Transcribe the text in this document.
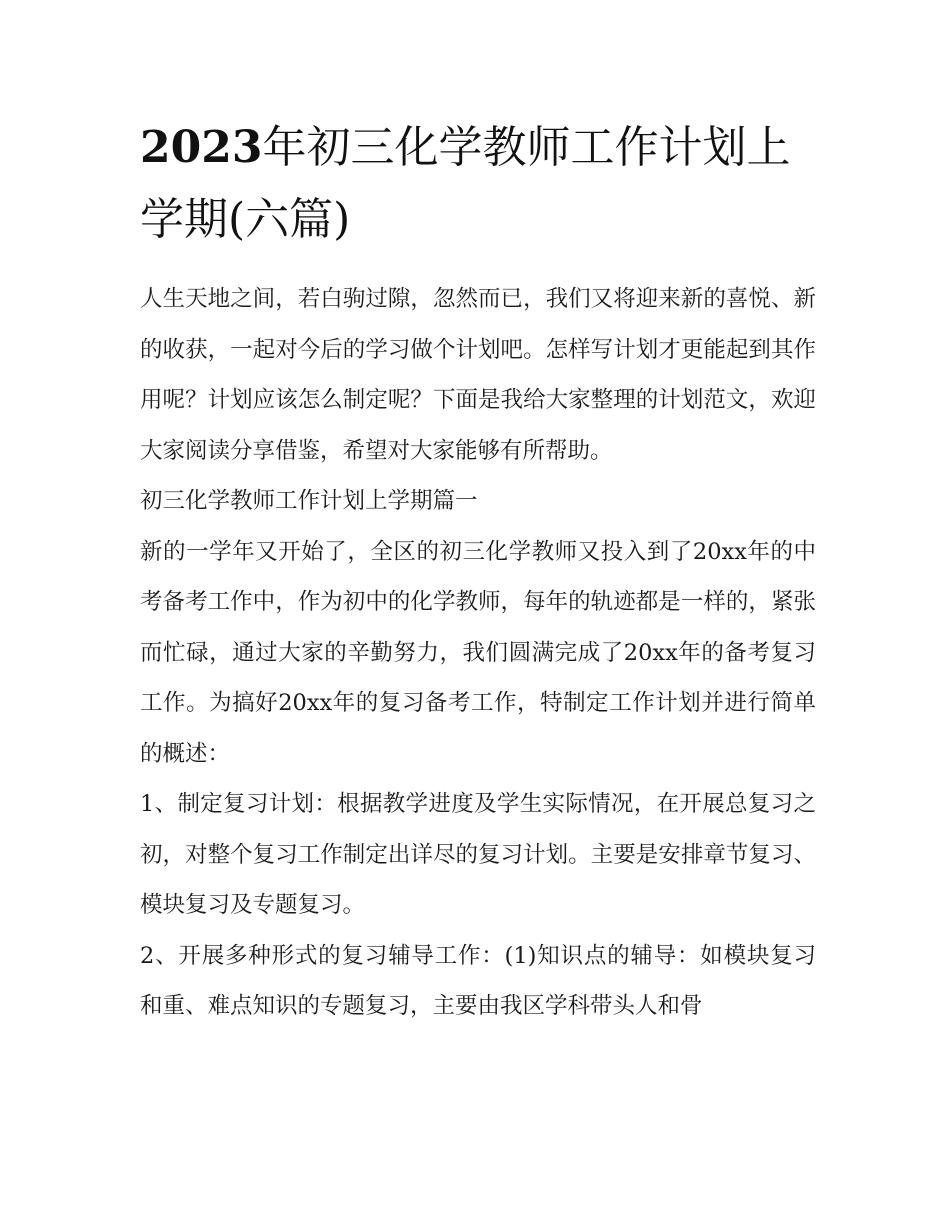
2023年初三化学教师工作计划上学期(六篇)

人生天地之间，若白驹过隙，忽然而已，我们又将迎来新的喜悦、新的收获，一起对今后的学习做个计划吧。怎样写计划才更能起到其作用呢？计划应该怎么制定呢？下面是我给大家整理的计划范文，欢迎大家阅读分享借鉴，希望对大家能够有所帮助。

初三化学教师工作计划上学期篇一

新的一学年又开始了，全区的初三化学教师又投入到了20xx年的中考备考工作中，作为初中的化学教师，每年的轨迹都是一样的，紧张而忙碌，通过大家的辛勤努力，我们圆满完成了20xx年的备考复习工作。为搞好20xx年的复习备考工作，特制定工作计划并进行简单的概述：

1、制定复习计划：根据教学进度及学生实际情况，在开展总复习之初，对整个复习工作制定出详尽的复习计划。主要是安排章节复习、模块复习及专题复习。

2、开展多种形式的复习辅导工作：(1)知识点的辅导：如模块复习和重、难点知识的专题复习，主要由我区学科带头人和骨
